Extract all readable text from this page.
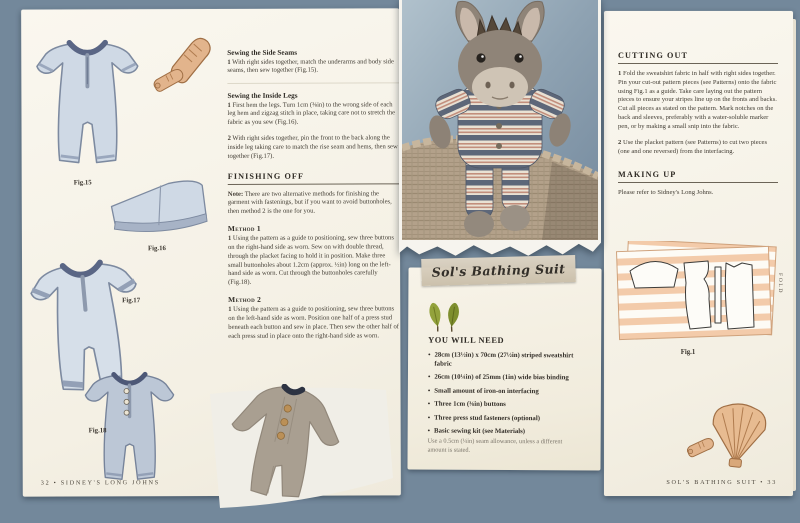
Fig.15
Fig.16
Fig.17
Fig.18
Sewing the Side Seams

1 With right sides together, match the underarms and body side seams, then sew together (Fig.15).

Sewing the Inside Legs

1 First hem the legs. Turn 1cm (⅜in) to the wrong side of each leg hem and zigzag stitch in place, taking care not to stretch the fabric as you sew (Fig.16).

2 With right sides together, pin the front to the back along the inside leg taking care to match the rise seam and hems, then sew together (Fig.17).

FINISHING OFF

Note: There are two alternative methods for finishing the garment with fastenings, but if you want to avoid buttonholes, then method 2 is the one for you.

Method 1

1 Using the pattern as a guide to positioning, sew three buttons on the right-hand side as worn. Sew on with double thread, through the placket facing to hold it in position. Make three small buttonholes about 1.2cm (approx. ½in) long on the left-hand side as worn. Cut through the buttonholes carefully (Fig.18).

Method 2

1 Using the pattern as a guide to positioning, sew three buttons on the left-hand side as worn. Position one half of a press stud beneath each button and sew in place. Then sew the other half of each press stud in place onto the right-hand side as worn.

32 • SIDNEY'S LONG JOHNS
CUTTING OUT

1 Fold the sweatshirt fabric in half with right sides together. Pin your cut-out pattern pieces (see Patterns) onto the fabric using Fig.1 as a guide. Take care laying out the pattern pieces to ensure your stripes line up on the fronts and backs. Cut all pieces as stated on the pattern. Mark notches on the back and sleeves, preferably with a water-soluble marker pen, or by making a small snip into the fabric.

2 Use the placket pattern (see Patterns) to cut two pieces (one and one reversed) from the interfacing.

MAKING UP

Please refer to Sidney's Long Johns.

FOLD
Fig.1
SOL'S BATHING SUIT • 33
Sol's Bathing Suit
YOU WILL NEED
• 28cm (13½in) x 70cm (27½in) striped sweatshirt fabric
• 26cm (10¼in) of 25mm (1in) wide bias binding
• Small amount of iron-on interfacing
• Three 1cm (⅜in) buttons
• Three press stud fasteners (optional)
• Basic sewing kit (see Materials)
Use a 0.5cm (¼in) seam allowance, unless a different amount is stated.
